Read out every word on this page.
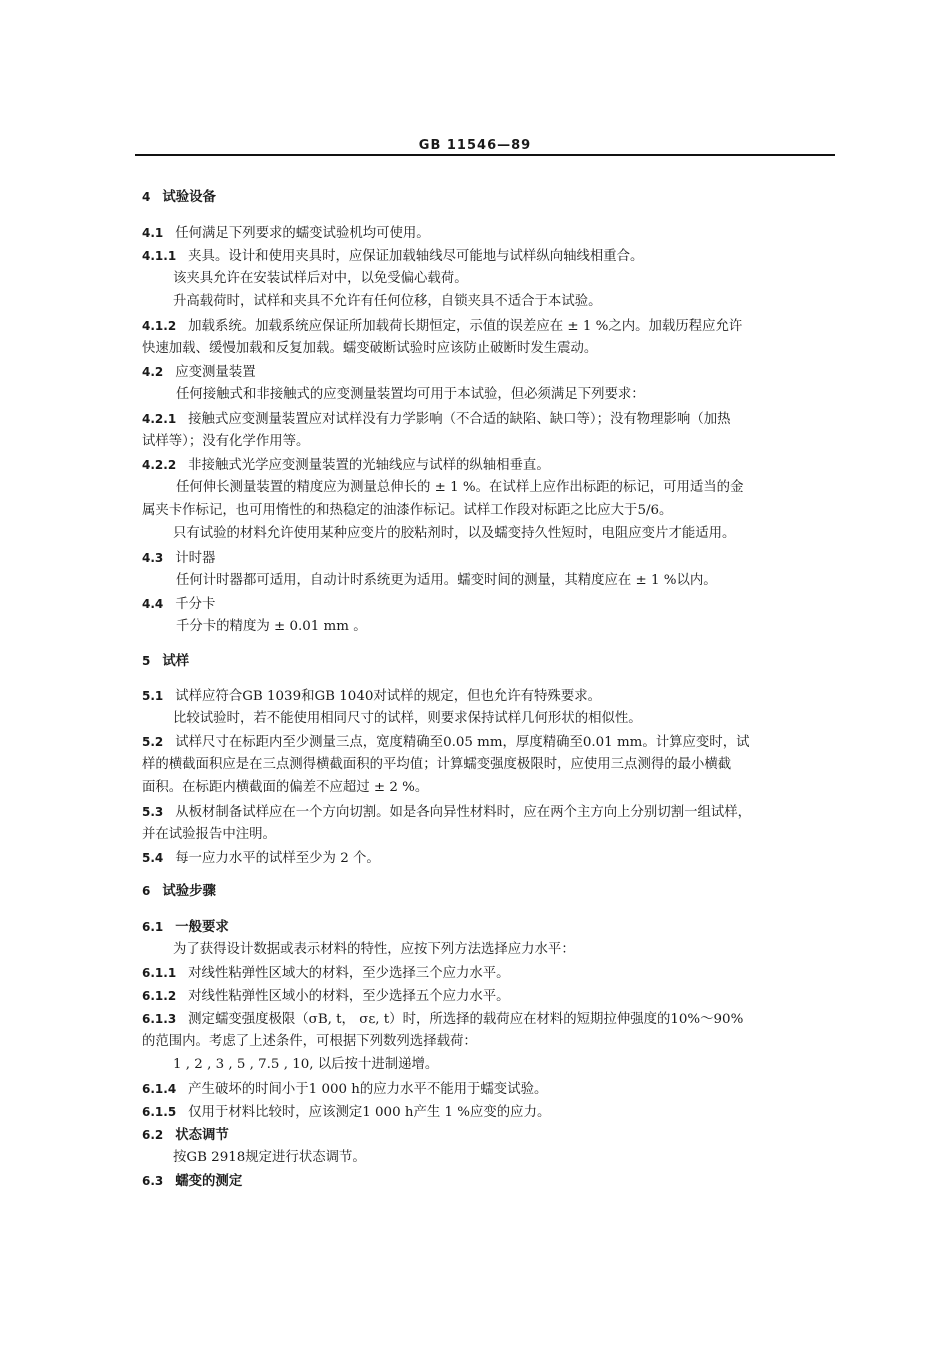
GB 11546—89
4 试验设备
4.1 任何满足下列要求的蠕变试验机均可使用。
4.1.1 夹具。设计和使用夹具时，应保证加载轴线尽可能地与试样纵向轴线相重合。
该夹具允许在安装试样后对中，以免受偏心载荷。
升高载荷时，试样和夹具不允许有任何位移，自锁夹具不适合于本试验。
4.1.2 加载系统。加载系统应保证所加载荷长期恒定，示值的误差应在 ± 1 %之内。加载历程应允许
快速加载、缓慢加载和反复加载。蠕变破断试验时应该防止破断时发生震动。
4.2 应变测量装置
任何接触式和非接触式的应变测量装置均可用于本试验，但必须满足下列要求：
4.2.1 接触式应变测量装置应对试样没有力学影响（不合适的缺陷、缺口等）；没有物理影响（加热
试样等）；没有化学作用等。
4.2.2 非接触式光学应变测量装置的光轴线应与试样的纵轴相垂直。
任何伸长测量装置的精度应为测量总伸长的 ± 1 %。在试样上应作出标距的标记，可用适当的金
属夹卡作标记，也可用惰性的和热稳定的油漆作标记。试样工作段对标距之比应大于5/6。
只有试验的材料允许使用某种应变片的胶粘剂时，以及蠕变持久性短时，电阻应变片才能适用。
4.3 计时器
任何计时器都可适用，自动计时系统更为适用。蠕变时间的测量，其精度应在 ± 1 %以内。
4.4 千分卡
千分卡的精度为 ± 0.01 mm 。
5 试样
5.1 试样应符合GB 1039和GB 1040对试样的规定，但也允许有特殊要求。
比较试验时，若不能使用相同尺寸的试样，则要求保持试样几何形状的相似性。
5.2 试样尺寸在标距内至少测量三点，宽度精确至0.05 mm，厚度精确至0.01 mm。计算应变时，试
样的横截面积应是在三点测得横截面积的平均值；计算蠕变强度极限时，应使用三点测得的最小横截
面积。在标距内横截面的偏差不应超过 ± 2 %。
5.3 从板材制备试样应在一个方向切割。如是各向异性材料时，应在两个主方向上分别切割一组试样，
并在试验报告中注明。
5.4 每一应力水平的试样至少为 2 个。
6 试验步骤
6.1 一般要求
为了获得设计数据或表示材料的特性，应按下列方法选择应力水平：
6.1.1 对线性粘弹性区域大的材料，至少选择三个应力水平。
6.1.2 对线性粘弹性区域小的材料，至少选择五个应力水平。
6.1.3 测定蠕变强度极限（σB, t， σε, t）时，所选择的载荷应在材料的短期拉伸强度的10%～90%
的范围内。考虑了上述条件，可根据下列数列选择载荷：
1 , 2 , 3 , 5 , 7.5 , 10, 以后按十进制递增。
6.1.4 产生破坏的时间小于1 000 h的应力水平不能用于蠕变试验。
6.1.5 仅用于材料比较时，应该测定1 000 h产生 1 %应变的应力。
6.2 状态调节
按GB 2918规定进行状态调节。
6.3 蠕变的测定
